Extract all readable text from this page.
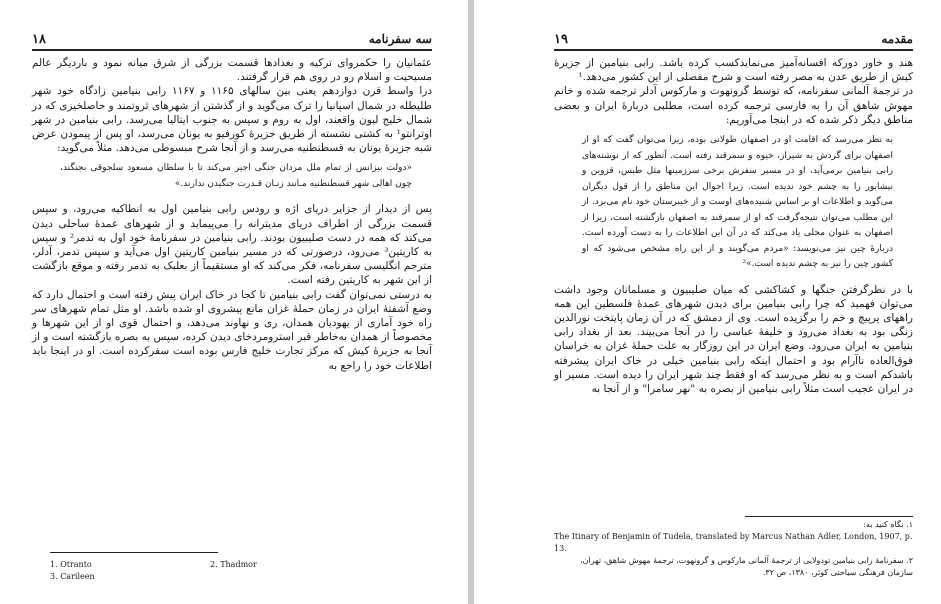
۱۸	سه سفرنامه

عثمانیان را حکمروای ترکیه و بغدادها قسمت بزرگی از شرق میانه نمود و باردیگر عالم مسیحیت و اسلام رو در روی هم قرار گرفتند.

درا واسط قرن دوازدهم یعنی بین سالهای ۱۱۶۵ و ۱۱۶۷ رابی بنیامین زادگاه خود شهر طلیطله در شمال اسپانیا را ترک می‌گوید و از گذشتن از شهرهای ثروتمند و حاصلخیزی که در شمال خلیج لیون واقعند، اول به روم و سپس به جنوب ایتالیا می‌رسد. رابی بنیامین در شهر اوترانتو¹ به کشتی نشسته از طریق جزیرهٔ کورفیو به یونان می‌رسد، او پس از پیمودن عرض شبه جزیرهٔ یونان به قسطنطنیه می‌رسد و از آنجا شرح مبسوطی می‌دهد. مثلاً می‌گوید:

«دولت بیزانس از تمام ملل مردان جنگی اجیر می‌کند تا با سلطان مسعود سلجوقی بجنگند، چون اهالی شهر قسطنطنیه مـانند زنـان قـدرت جنگیدن ندارند.»

پس از دیدار از جزایر دریای اژه و رودس رابی بنیامین اول به انطاکیه می‌رود، و سپس قسمت بزرگی از اطراف دریای مدیترانه را می‌پیماید و از شهرهای عمدهٔ ساحلی دیدن می‌کند که همه در دست صلیبیون بودند. رابی بنیامین در سفرنامهٔ خود اول به تدمر² و سپس به کاریتین³ می‌رود، درصورتی که در مسیر بنیامین کاریتین اول می‌آید و سپس تدمر، آدلر، مترجم انگلیسی سفرنامه، فکر می‌کند که او مستقیماً از بعلبک به تدمر رفته و موقع بازگشت از این شهر به کاریتین رفته است.

به درستی نمی‌توان گفت رابی بنیامین تا کجا در خاک ایران پیش رفته است و احتمال دارد که وضع آشفتهٔ ایران در زمان حملهٔ غزان مانع پیشروی او شده باشد. او مثل تمام شهرهای سر راه خود آماری از یهودیان همدان، ری و نهاوند می‌دهد، و احتمال قوی او از این شهرها و مخصوصاً از همدان به‌خاطر قبر استرومردخای دیدن کرده، سپس به بصره بازگشته است و از آنجا به جزیرهٔ کیش که مرکز تجارت خلیج فارس بوده است سفرکرده است. او در اینجا باید اطلاعات خود را راجع به

1. Otranto	2. Thadmor
3. Carileen
۱۹	مقدمه

هند و خاور دورکه افسانه‌آمیز می‌نمایدکسب کرده باشد. رابی بنیامین از جزیرهٔ کیش از طریق عدن به مصر رفته است و شرح مفصلی از این کشور می‌دهد.¹

در ترجمهٔ آلمانی سفرنامه، که توسط گرونهوت و مارکوس آدلر ترجمه شده و خانم مهوش شاهق آن را به فارسی ترجمه کرده است، مطلبی دربارهٔ ایران و بعضی مناطق دیگر ذکر شده که در اینجا می‌آوریم:

به نظر می‌رسد که اقامت او در اصفهان طولانی بوده، زیرا می‌توان گفت که او از اصفهان برای گردش به شیراز، خیوه و سمرقند رفته است. آنطور که از نوشته‌های رابی بنیامین برمی‌آید، او در مسیر سفرش برخی سرزمینها مثل طبس، قزوین و نیشابور را به چشم خود ندیده است. زیرا احوال این مناطق را از قول دیگران می‌گوید و اطلاعات او بر اساس شنیده‌های اوست و از خیبرستان خود نام می‌برد. از این مطلب می‌توان نتیجه‌گرفت که او از سمرقند به اصفهان بازگشته است، زیرا از اصفهان به عنوان محلی یاد می‌کند که در آن این اطلاعات را به دست آورده است. دربارهٔ چین نیز می‌نویسد: «مردم می‌گویند و از این راه مشخص می‌شود که او کشور چین را نیز به چشم ندیده است.»²

با در نظرگرفتن جنگها و کشاکشی که میان صلیبیون و مسلمانان وجود داشت می‌توان فهمید که چرا رابی بنیامین برای دیدن شهرهای عمدهٔ فلسطین این همه راههای پرپیچ و خم را برگزیده است. وی از دمشق که در آن زمان پایتخت نورالدین زنگی بود به بغداد می‌رود و خلیفهٔ عباسی را در آنجا می‌بیند. بعد از بغداد رابی بنیامین به ایران می‌رود. وضع ایران در این روزگار به علت حملهٔ غزان به خراسان فوق‌العاده ناآرام بود و احتمال اینکه رابی بنیامین خیلی در خاک ایران پیشرفته باشدکم است و به نظر می‌رسد که او فقط چند شهر ایران را دیده است. مسیر او در ایران عجیب است مثلاً رابی بنیامین از بصره به "نهر سامرا" و از آنجا به

۱. نگاه کنید به:
The Itinary of Benjamin of Tudela, translated by Marcus Nathan Adler, London, 1907, p. 13.
۲. سفرنامهٔ رابی بنیامین تودولایی از ترجمهٔ آلمانی مارکوس و گرونهوت، ترجمهٔ مهوش شاهق، تهران، سازمان فرهنگی سیاحتی کوثر، ۱۳۸۰، ص ۳۲.
